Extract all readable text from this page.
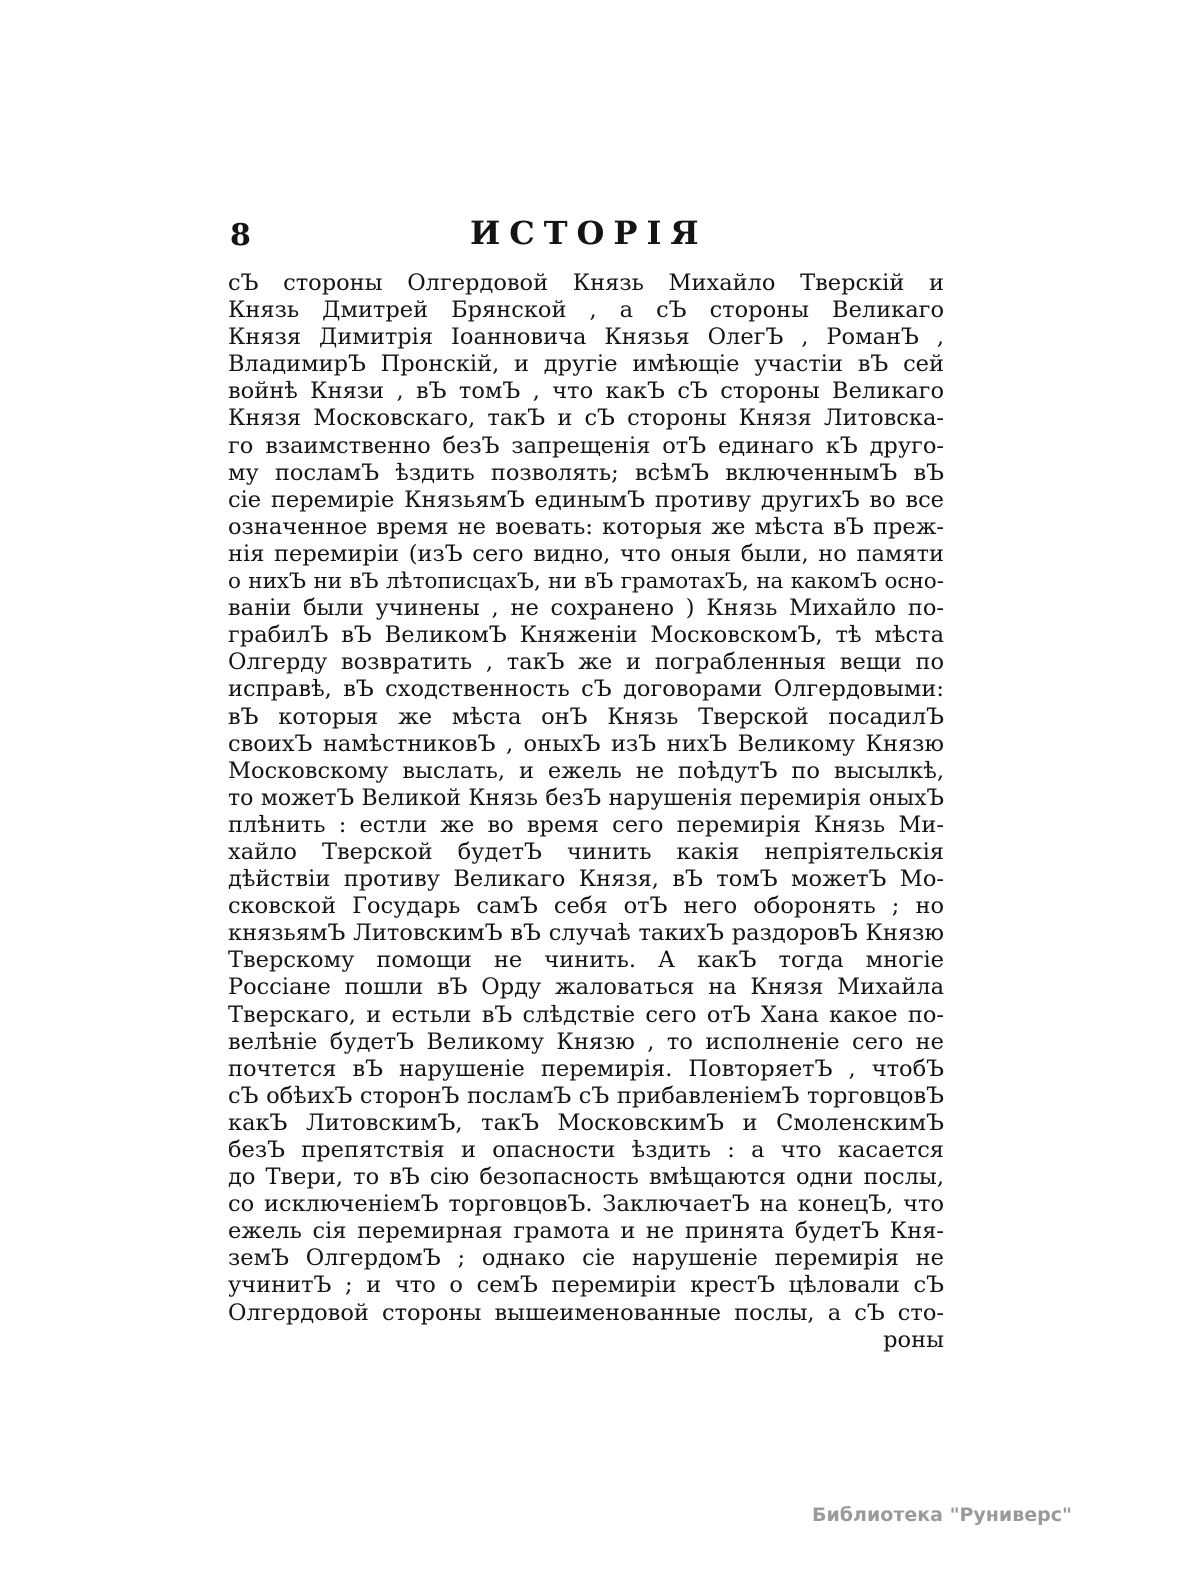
8	ИСТОРІЯ
сЪ стороны Олгердовой Князь Михайло Тверскій и
Князь Дмитрей Брянской , а сЪ стороны Великаго
Князя Димитрія Іоанновича Князья ОлегЪ , РоманЪ ,
ВладимирЪ Пронскій, и другіе имѣющіе участіи вЪ сей
войнѣ Князи , вЪ томЪ , что какЪ сЪ стороны Великаго
Князя Московскаго, такЪ и сЪ стороны Князя Литовска-
го взаимственно безЪ запрещенія отЪ единаго кЪ друго-
му посламЪ ѣздить позволять; всѣмЪ включеннымЪ вЪ
сіе перемиріе КнязьямЪ единымЪ противу другихЪ во все
означенное время не воевать: которыя же мѣста вЪ преж-
нія перемиріи (изЪ сего видно, что оныя были, но памяти
о нихЪ ни вЪ лѣтописцахЪ, ни вЪ грамотахЪ, на какомЪ осно-
ваніи были учинены , не сохранено ) Князь Михайло по-
грабилЪ вЪ ВеликомЪ Княженіи МосковскомЪ, тѣ мѣста
Олгерду возвратить , такЪ же и пограбленныя вещи по
исправѣ, вЪ сходственность сЪ договорами Олгердовыми:
вЪ которыя же мѣста онЪ Князь Тверской посадилЪ
своихЪ намѣстниковЪ , оныхЪ изЪ нихЪ Великому Князю
Московскому выслать, и ежель не поѣдутЪ по высылкѣ,
то можетЪ Великой Князь безЪ нарушенія перемирія оныхЪ
плѣнить : естли же во время сего перемирія Князь Ми-
хайло Тверской будетЪ чинить какія непріятельскія
дѣйствіи противу Великаго Князя, вЪ томЪ можетЪ Мо-
сковской Государь самЪ себя отЪ него оборонять ; но
князьямЪ ЛитовскимЪ вЪ случаѣ такихЪ раздоровЪ Князю
Тверскому помощи не чинить. А какЪ тогда многіе
Россіане пошли вЪ Орду жаловаться на Князя Михайла
Тверскаго, и естьли вЪ слѣдствіе сего отЪ Хана какое по-
велѣніе будетЪ Великому Князю , то исполненіе сего не
почтется вЪ нарушеніе перемирія. ПовторяетЪ , чтобЪ
сЪ обѣихЪ сторонЪ посламЪ сЪ прибавленіемЪ торговцовЪ
какЪ ЛитовскимЪ, такЪ МосковскимЪ и СмоленскимЪ
безЪ препятствія и опасности ѣздить : а что касается
до Твери, то вЪ сію безопасность вмѣщаются одни послы,
со исключеніемЪ торговцовЪ. ЗаключаетЪ на конецЪ, что
ежель сія перемирная грамота и не принята будетЪ Кня-
земЪ ОлгердомЪ ; однако сіе нарушеніе перемирія не
учинитЪ ; и что о семЪ перемиріи крестЪ цѣловали сЪ
Олгердовой стороны вышеименованные послы, а сЪ сто-
роны
Библиотека "Руниверс"
